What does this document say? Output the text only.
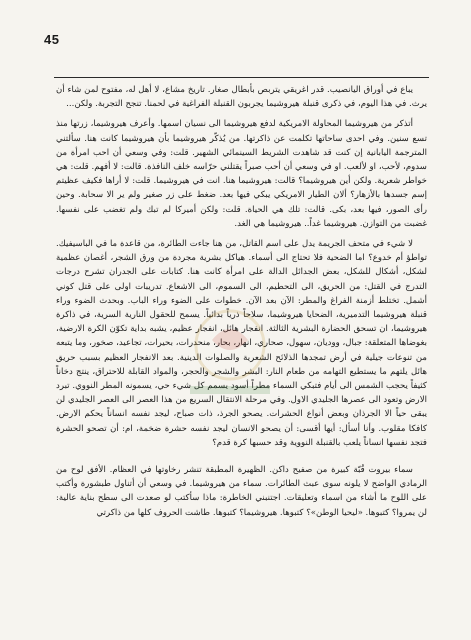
45

يباع في أوراق اليانصيب. قدر اغريقي يتربص بأبطال صغار. تاريخ مشاع، لا أهل له، مفتوح لمن شاء أن يرث. في هذا اليوم، في ذكرى قنبلة هيروشيما يجربون القنبلة الفراغية في لحمنا. تنجح التجربة. ولكن...

أتذكر من هيروشيما المحاولة الامريكية لدفع هيروشيما الى نسيان اسمها. وأعرف هيروشيما، زرتها منذ تسع سنين. وفي احدى ساحاتها تكلمت عن ذاكرتها. من يُذكّر هيروشيما بأن هيروشيما كانت هنا. سألتني المترجمة اليابانية إن كنت قد شاهدت الشريط السينمائي الشهير. قلت: وفي وسعي أن احب امرأة من سدوم، لأحب، او لألعب. او في وسعي أن أحب صبراً يقتلني حرّاسه خلف النافذة. قالت: لا أفهم. قلت: هي خواطر شعرية. ولكن أين هيروشيما؟ قالت: هيروشيما هنا. انت في هيروشيما. قلت: لا أراها فكيف عظيتم إسم جسدها بالأزهار؟ ألان الطيار الامريكي يبكي فيها بعد. ضغط على زر صغير ولم ير الا سحابة. وحين رأى الصور، فيها بعد، بكى. قالت: تلك هي الحياة. قلت: ولكن أميركا لم تبك ولم تغضب على نفسها. غضبت من التوازن. هيروشيما غداً.. هيروشيما هي الغد.

لا شيء في متحف الجريمة يدل على اسم القاتل، من هنا جاءت الطائرة، من قاعدة ما في الباسيفيك. تواطؤ أم خدوع؟ اما الضحية فلا تحتاج الى أسماء. هياكل بشرية مجردة من ورق الشجر، أغصان عظمية لشكل، أشكال للشكل، بعض الجدائل الدالة على امرأة كانت هنا. كتابات على الجدران تشرح درجات التدرج في القتل: من الحريق، الى التحطيم، الى السموم، الى الاشعاع. تدريبات اولى على قتل كوني أشمل. تختلط أزمنة الفراغ والمطر: الآن بعد الآن. خطوات على الضوء وراء الباب. وبحدث الضوء وراء قنبلة هيروشيما التدميرية، الضحايا هيروشيما، سلاحاً ذرياً بدائياً. يسمح للحقول النارية السرية، في ذاكرة هيروشيما، ان تسحق الحضارة البشرية الثالثة. انفجار هائل، انفجار عظيم، يشبه بداية تكوّن الكرة الارضية، بغوضاها المتعلقة: جبال، ووديان، سهول، صحاري، انهار، بحار، منحدرات، بحيرات، تجاعيد، صخور، وما يتبعه من تنوعات جيلية في أرض تمجدها الذلائح الشعرية والصلوات الدينية. بعد الانفجار العظيم بسبب حريق هائل يلتهم ما يستطيع التهامه من طعام النار: البشر والشجر والحجر، والمواد القابلة للاحتراق، ينتج دخاناً كثيفاً يحجب الشمس الى أيام فتبكي السماء مطراً أسود يسمم كل شيء حي، يسمونه المطر النووي. تبرد الارض وتعود الى عصرها الجليدي الاول. وفي مرحلة الانتقال السريع من هذا العصر الى العصر الجليدي لن يبقى حياً الا الجرذان وبعض أنواع الحشرات. يصحو الجرذ، ذات صباح، ليجد نفسه انساناً يحكم الارض. كافكا مقلوب. وأنا أسأل: أيها أقسى: أن يصحو الانسان ليجد نفسه حشرة ضخمة، ام: أن تصحو الحشرة فتجد نفسها انساناً يلعب بالقنبلة النووية وقد حسبها كرة قدم؟

سماء بيروت قُبّة كبيرة من صفيح داكن. الظهيرة المطبقة تنشر رخاوتها في العظام. الأفق لوح من الرمادي الواضح لا يلونه سوى عبث الطائرات. سماء من هيروشيما. في وسعي أن أتناول طبشورة وأكتب على اللوح ما أشاء من اسماء وتعليقات. اجتنبني الخاطرة: ماذا سأكتب لو صعدت الى سطح بناية عالية: لن يمروا؟ كتبوها. «ليحيا الوطن»؟ كتبوها. هيروشيما؟ كتبوها. طاشت الحروف كلها من ذاكرتي
